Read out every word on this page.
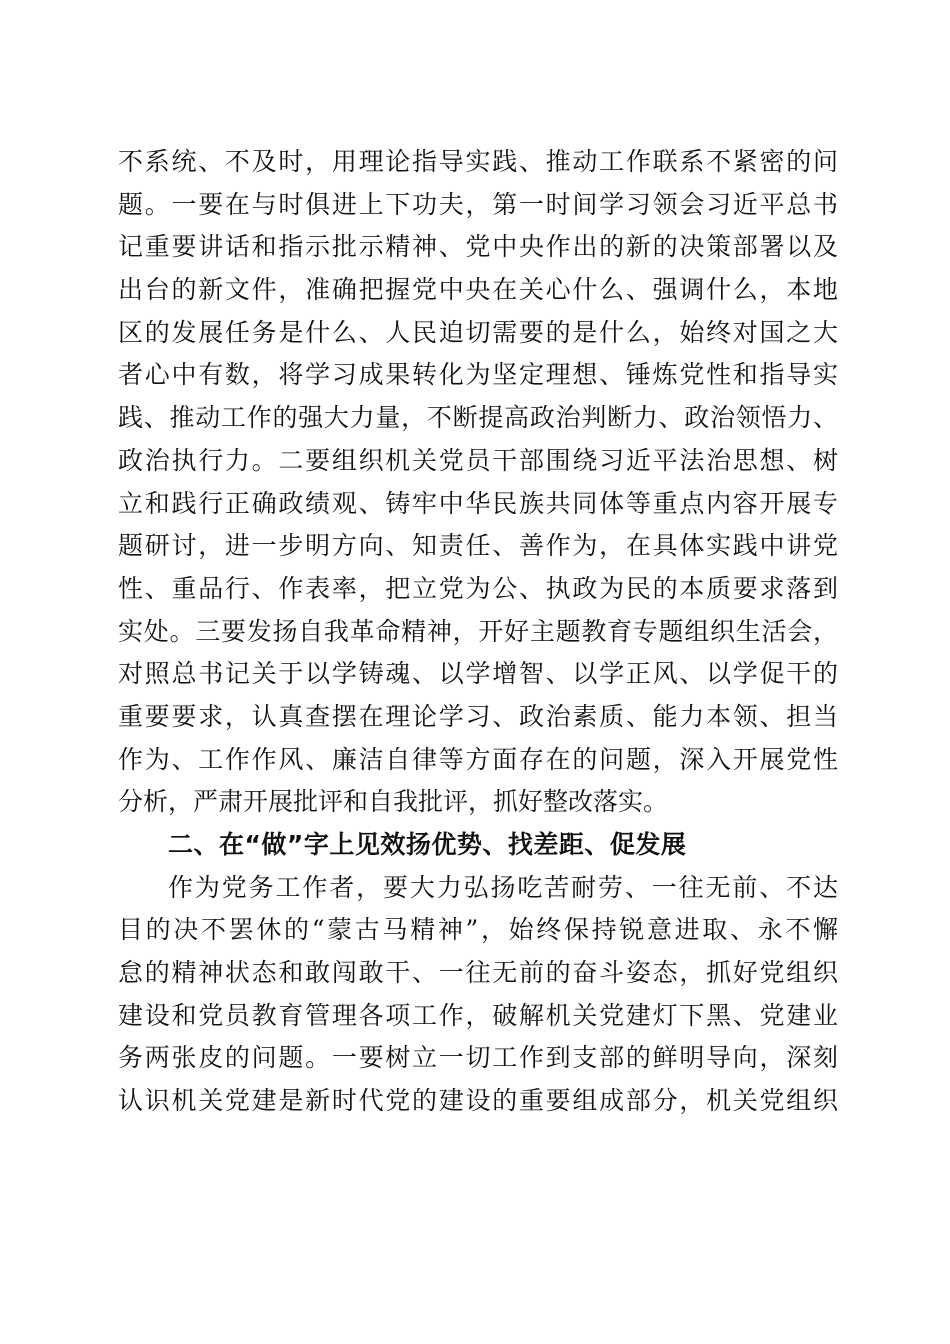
不系统、不及时，用理论指导实践、推动工作联系不紧密的问
题。一要在与时俱进上下功夫，第一时间学习领会习近平总书
记重要讲话和指示批示精神、党中央作出的新的决策部署以及
出台的新文件，准确把握党中央在关心什么、强调什么，本地
区的发展任务是什么、人民迫切需要的是什么，始终对国之大
者心中有数，将学习成果转化为坚定理想、锤炼党性和指导实
践、推动工作的强大力量，不断提高政治判断力、政治领悟力、
政治执行力。二要组织机关党员干部围绕习近平法治思想、树
立和践行正确政绩观、铸牢中华民族共同体等重点内容开展专
题研讨，进一步明方向、知责任、善作为，在具体实践中讲党
性、重品行、作表率，把立党为公、执政为民的本质要求落到
实处。三要发扬自我革命精神，开好主题教育专题组织生活会，
对照总书记关于以学铸魂、以学增智、以学正风、以学促干的
重要要求，认真查摆在理论学习、政治素质、能力本领、担当
作为、工作作风、廉洁自律等方面存在的问题，深入开展党性
分析，严肃开展批评和自我批评，抓好整改落实。
二、在“做”字上见效扬优势、找差距、促发展
作为党务工作者，要大力弘扬吃苦耐劳、一往无前、不达
目的决不罢休的“蒙古马精神”，始终保持锐意进取、永不懈
怠的精神状态和敢闯敢干、一往无前的奋斗姿态，抓好党组织
建设和党员教育管理各项工作，破解机关党建灯下黑、党建业
务两张皮的问题。一要树立一切工作到支部的鲜明导向，深刻
认识机关党建是新时代党的建设的重要组成部分，机关党组织
